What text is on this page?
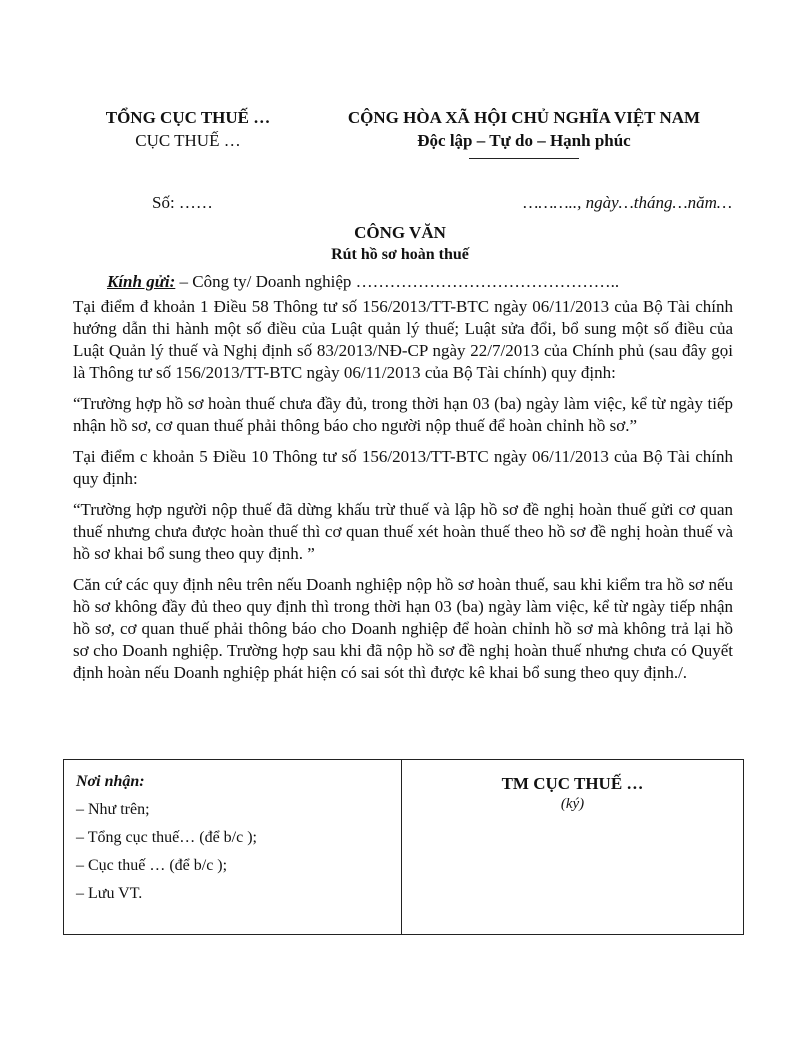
TỔNG CỤC THUẾ …
CỤC THUẾ …
CỘNG HÒA XÃ HỘI CHỦ NGHĨA VIỆT NAM
Độc lập – Tự do – Hạnh phúc
Số: ……	……….., ngày…tháng…năm…
CÔNG VĂN
Rút hồ sơ hoàn thuế
Kính gửi: – Công ty/ Doanh nghiệp ………………………………………..

Tại điểm đ khoản 1 Điều 58 Thông tư số 156/2013/TT-BTC ngày 06/11/2013 của Bộ Tài chính hướng dẫn thi hành một số điều của Luật quản lý thuế; Luật sửa đổi, bổ sung một số điều của Luật Quản lý thuế và Nghị định số 83/2013/NĐ-CP ngày 22/7/2013 của Chính phủ (sau đây gọi là Thông tư số 156/2013/TT-BTC ngày 06/11/2013 của Bộ Tài chính) quy định:

“Trường hợp hồ sơ hoàn thuế chưa đầy đủ, trong thời hạn 03 (ba) ngày làm việc, kể từ ngày tiếp nhận hồ sơ, cơ quan thuế phải thông báo cho người nộp thuế để hoàn chỉnh hồ sơ.”

Tại điểm c khoản 5 Điều 10 Thông tư số 156/2013/TT-BTC ngày 06/11/2013 của Bộ Tài chính quy định:

“Trường hợp người nộp thuế đã dừng khấu trừ thuế và lập hồ sơ đề nghị hoàn thuế gửi cơ quan thuế nhưng chưa được hoàn thuế thì cơ quan thuế xét hoàn thuế theo hồ sơ đề nghị hoàn thuế và hồ sơ khai bổ sung theo quy định. ”

Căn cứ các quy định nêu trên nếu Doanh nghiệp nộp hồ sơ hoàn thuế, sau khi kiểm tra hồ sơ nếu hồ sơ không đầy đủ theo quy định thì trong thời hạn 03 (ba) ngày làm việc, kể từ ngày tiếp nhận hồ sơ, cơ quan thuế phải thông báo cho Doanh nghiệp để hoàn chỉnh hồ sơ mà không trả lại hồ sơ cho Doanh nghiệp. Trường hợp sau khi đã nộp hồ sơ đề nghị hoàn thuế nhưng chưa có Quyết định hoàn nếu Doanh nghiệp phát hiện có sai sót thì được kê khai bổ sung theo quy định./.

Nơi nhận:
– Như trên;
– Tổng cục thuế… (để b/c );
– Cục thuế … (để b/c );
– Lưu VT.
TM CỤC THUẾ …
(ký)
